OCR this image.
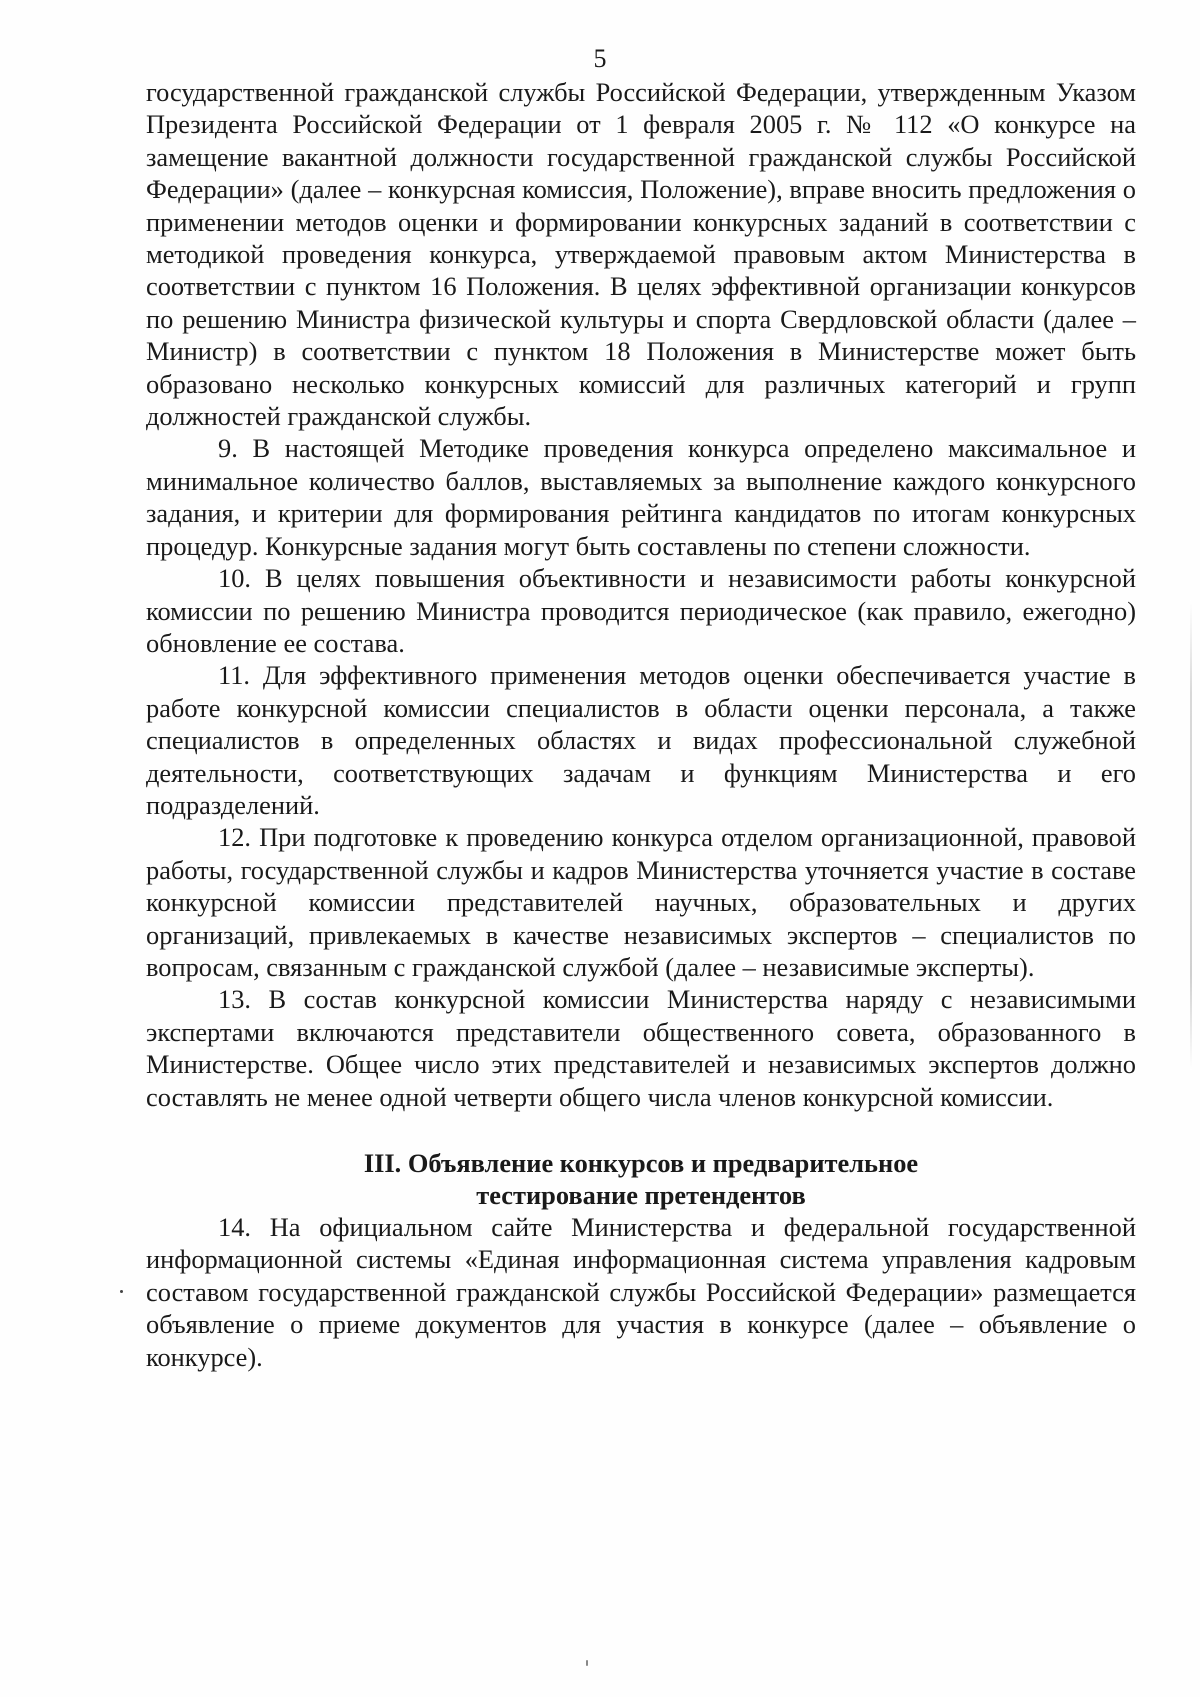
5

государственной гражданской службы Российской Федерации, утвержденным Указом Президента Российской Федерации от 1 февраля 2005 г. № 112 «О конкурсе на замещение вакантной должности государственной гражданской службы Российской Федерации» (далее – конкурсная комиссия, Положение), вправе вносить предложения о применении методов оценки и формировании конкурсных заданий в соответствии с методикой проведения конкурса, утверждаемой правовым актом Министерства в соответствии с пунктом 16 Положения. В целях эффективной организации конкурсов по решению Министра физической культуры и спорта Свердловской области (далее – Министр) в соответствии с пунктом 18 Положения в Министерстве может быть образовано несколько конкурсных комиссий для различных категорий и групп должностей гражданской службы.

9. В настоящей Методике проведения конкурса определено максимальное и минимальное количество баллов, выставляемых за выполнение каждого конкурсного задания, и критерии для формирования рейтинга кандидатов по итогам конкурсных процедур. Конкурсные задания могут быть составлены по степени сложности.

10. В целях повышения объективности и независимости работы конкурсной комиссии по решению Министра проводится периодическое (как правило, ежегодно) обновление ее состава.

11. Для эффективного применения методов оценки обеспечивается участие в работе конкурсной комиссии специалистов в области оценки персонала, а также специалистов в определенных областях и видах профессиональной служебной деятельности, соответствующих задачам и функциям Министерства и его подразделений.

12. При подготовке к проведению конкурса отделом организационной, правовой работы, государственной службы и кадров Министерства уточняется участие в составе конкурсной комиссии представителей научных, образовательных и других организаций, привлекаемых в качестве независимых экспертов – специалистов по вопросам, связанным с гражданской службой (далее – независимые эксперты).

13. В состав конкурсной комиссии Министерства наряду с независимыми экспертами включаются представители общественного совета, образованного в Министерстве. Общее число этих представителей и независимых экспертов должно составлять не менее одной четверти общего числа членов конкурсной комиссии.

III. Объявление конкурсов и предварительное
тестирование претендентов

14. На официальном сайте Министерства и федеральной государственной информационной системы «Единая информационная система управления кадровым составом государственной гражданской службы Российской Федерации» размещается объявление о приеме документов для участия в конкурсе (далее – объявление о конкурсе).
